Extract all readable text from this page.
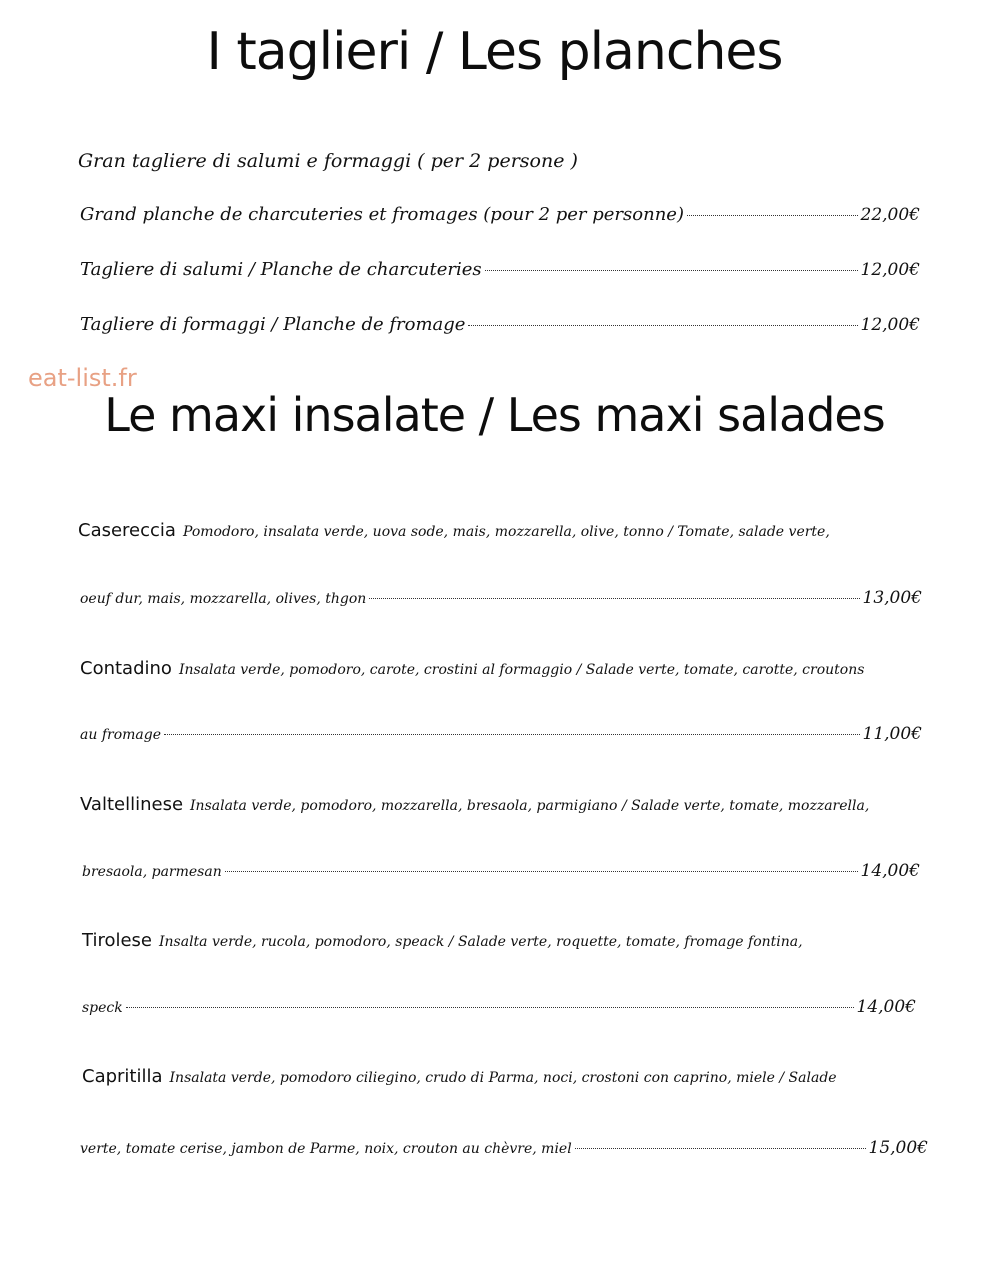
I taglieri / Les planches
Gran tagliere di salumi e formaggi ( per 2 persone )
Grand planche de charcuteries et fromages (pour 2 per personne)	22,00€
Tagliere di salumi / Planche de charcuteries	12,00€
Tagliere di formaggi / Planche de fromage	12,00€
eat-list.fr
Le maxi insalate / Les maxi salades
Casereccia Pomodoro, insalata verde, uova sode, mais, mozzarella, olive, tonno / Tomate, salade verte,
oeuf dur, mais, mozzarella, olives, thgon	13,00€
Contadino Insalata verde, pomodoro, carote, crostini al formaggio / Salade verte, tomate, carotte, croutons
au fromage	11,00€
Valtellinese Insalata verde, pomodoro, mozzarella, bresaola, parmigiano / Salade verte, tomate, mozzarella,
bresaola, parmesan	14,00€
Tirolese Insalta verde, rucola, pomodoro, speack / Salade verte, roquette, tomate, fromage fontina,
speck	14,00€
Capritilla Insalata verde, pomodoro ciliegino, crudo di Parma, noci, crostoni con caprino, miele / Salade
verte, tomate cerise, jambon de Parme, noix, crouton au chèvre, miel	15,00€
